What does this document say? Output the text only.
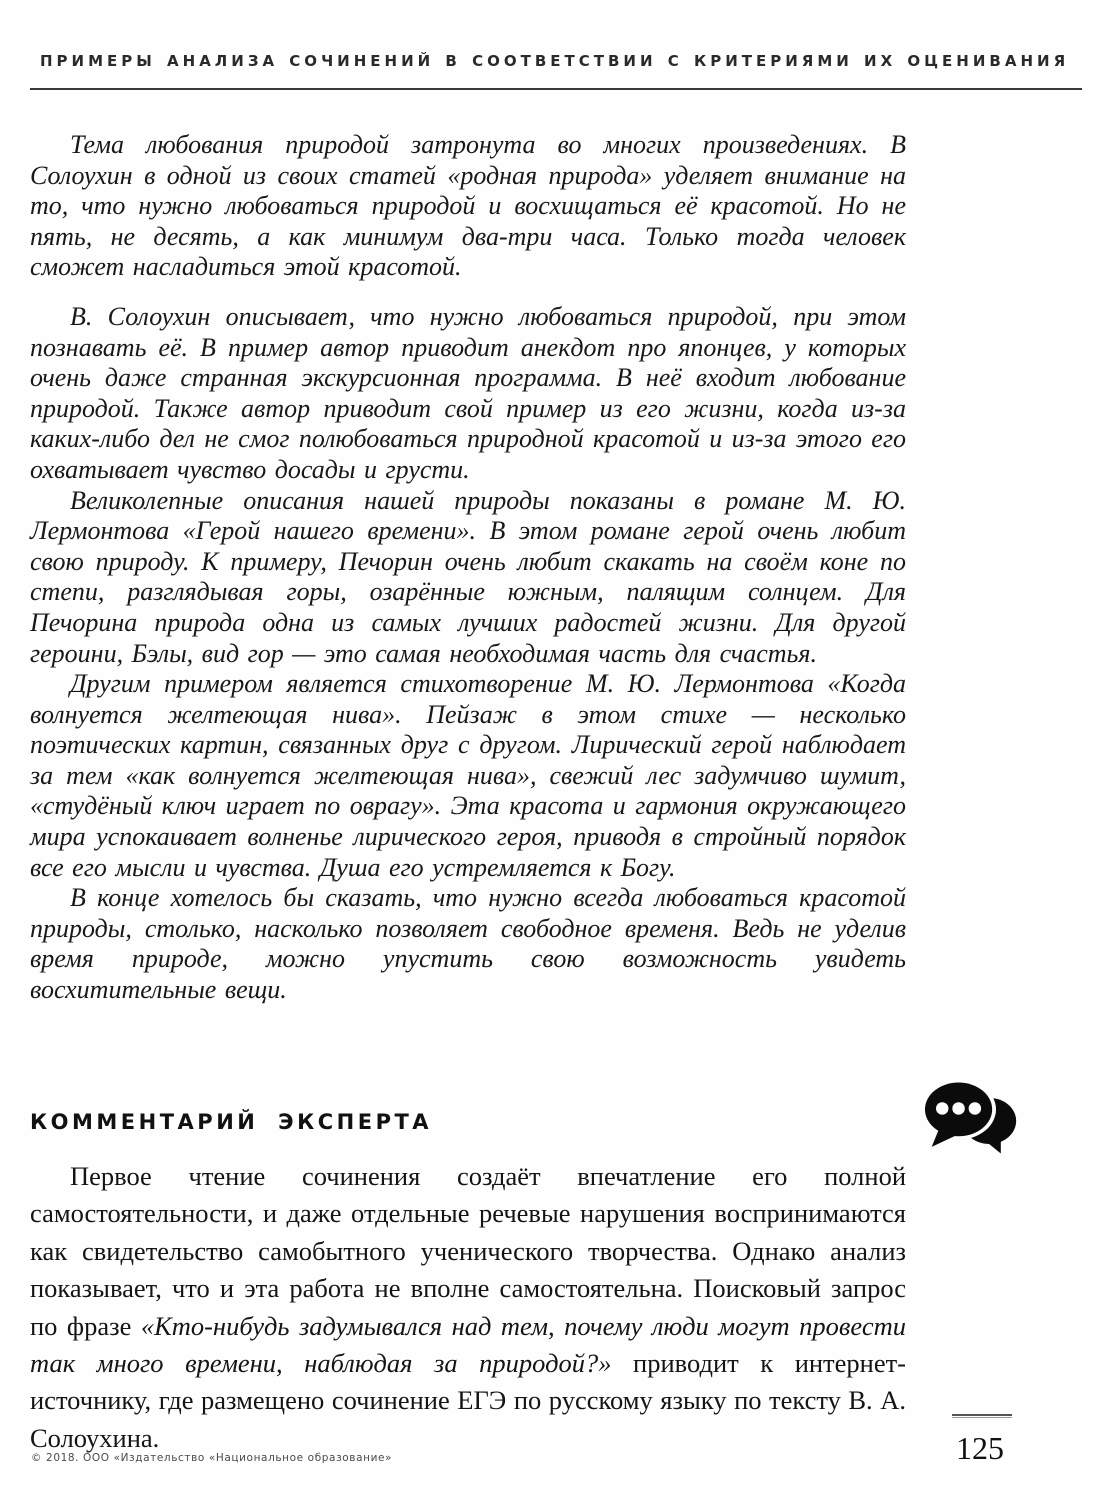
ПРИМЕРЫ АНАЛИЗА СОЧИНЕНИЙ В СООТВЕТСТВИИ С КРИТЕРИЯМИ ИХ ОЦЕНИВАНИЯ

Тема любования природой затронута во многих произведениях. В Солоухин в одной из своих статей «родная природа» уделяет внимание на то, что нужно любоваться природой и восхищаться её красотой. Но не пять, не десять, а как минимум два-три часа. Только тогда человек сможет насладиться этой красотой.

В. Солоухин описывает, что нужно любоваться природой, при этом познавать её. В пример автор приводит анекдот про японцев, у которых очень даже странная экскурсионная программа. В неё входит любование природой. Также автор приводит свой пример из его жизни, когда из-за каких-либо дел не смог полюбоваться природной красотой и из-за этого его охватывает чувство досады и грусти.

Великолепные описания нашей природы показаны в романе М. Ю. Лермонтова «Герой нашего времени». В этом романе герой очень любит свою природу. К примеру, Печорин очень любит скакать на своём коне по степи, разглядывая горы, озарённые южным, палящим солнцем. Для Печорина природа одна из самых лучших радостей жизни. Для другой героини, Бэлы, вид гор — это самая необходимая часть для счастья.

Другим примером является стихотворение М. Ю. Лермонтова «Когда волнуется желтеющая нива». Пейзаж в этом стихе — несколько поэтических картин, связанных друг с другом. Лирический герой наблюдает за тем «как волнуется желтеющая нива», свежий лес задумчиво шумит, «студёный ключ играет по оврагу». Эта красота и гармония окружающего мира успокаивает волненье лирического героя, приводя в стройный порядок все его мысли и чувства. Душа его устремляется к Богу.

В конце хотелось бы сказать, что нужно всегда любоваться красотой природы, столько, насколько позволяет свободное временя. Ведь не уделив время природе, можно упустить свою возможность увидеть восхитительные вещи.

КОММЕНТАРИЙ ЭКСПЕРТА

Первое чтение сочинения создаёт впечатление его полной самостоятельности, и даже отдельные речевые нарушения воспринимаются как свидетельство самобытного ученического творчества. Однако анализ показывает, что и эта работа не вполне самостоятельна. Поисковый запрос по фразе «Кто-нибудь задумывался над тем, почему люди могут провести так много времени, наблюдая за природой?» приводит к интернет-источнику, где размещено сочинение ЕГЭ по русскому языку по тексту В. А. Солоухина.

© 2018. ООО «Издательство «Национальное образование»	125
